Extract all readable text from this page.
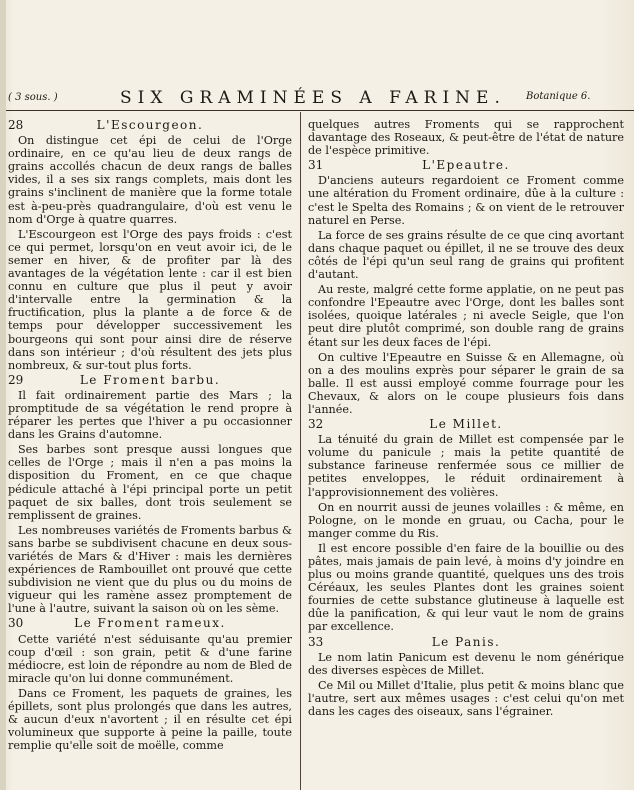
( 3 sous. )	SIX GRAMINÉES A FARINE. Botanique 6.
28	L'Escourgeon.

On distingue cet épi de celui de l'Orge ordinaire, en ce qu'au lieu de deux rangs de grains accollés chacun de deux rangs de balles vides, il a ses six rangs complets, mais dont les grains s'inclinent de manière que la forme totale est à-peu-près quadrangulaire, d'où est venu le nom d'Orge à quatre quarres.

L'Escourgeon est l'Orge des pays froids : c'est ce qui permet, lorsqu'on en veut avoir ici, de le semer en hiver, & de profiter par là des avantages de la végétation lente : car il est bien connu en culture que plus il peut y avoir d'intervalle entre la germination & la fructification, plus la plante a de force & de temps pour développer successivement les bourgeons qui sont pour ainsi dire de réserve dans son intérieur ; d'où résultent des jets plus nombreux, & sur-tout plus forts.

29	Le Froment barbu.

Il fait ordinairement partie des Mars ; la promptitude de sa végétation le rend propre à réparer les pertes que l'hiver a pu occasionner dans les Grains d'automne.

Ses barbes sont presque aussi longues que celles de l'Orge ; mais il n'en a pas moins la disposition du Froment, en ce que chaque pédicule attaché à l'épi principal porte un petit paquet de six balles, dont trois seulement se remplissent de graines.

Les nombreuses variétés de Froments barbus & sans barbe se subdivisent chacune en deux sous-variétés de Mars & d'Hiver : mais les dernières expériences de Rambouillet ont prouvé que cette subdivision ne vient que du plus ou du moins de vigueur qui les ramène assez promptement de l'une à l'autre, suivant la saison où on les sème.

30	Le Froment rameux.

Cette variété n'est séduisante qu'au premier coup d'œil : son grain, petit & d'une farine médiocre, est loin de répondre au nom de Bled de miracle qu'on lui donne communément.

Dans ce Froment, les paquets de graines, les épillets, sont plus prolongés que dans les autres, & aucun d'eux n'avortent ; il en résulte cet épi volumineux que supporte à peine la paille, toute remplie qu'elle soit de moëlle, comme

quelques autres Froments qui se rapprochent davantage des Roseaux, & peut-être de l'état de nature de l'espèce primitive.

31	L'Epeautre.

D'anciens auteurs regardoient ce Froment comme une altération du Froment ordinaire, dûe à la culture : c'est le Spelta des Romains ; & on vient de le retrouver naturel en Perse.

La force de ses grains résulte de ce que cinq avortant dans chaque paquet ou épillet, il ne se trouve des deux côtés de l'épi qu'un seul rang de grains qui profitent d'autant.

Au reste, malgré cette forme applatie, on ne peut pas confondre l'Epeautre avec l'Orge, dont les balles sont isolées, quoique latérales ; ni avecle Seigle, que l'on peut dire plutôt comprimé, son double rang de grains étant sur les deux faces de l'épi.

On cultive l'Epeautre en Suisse & en Allemagne, où on a des moulins exprès pour séparer le grain de sa balle. Il est aussi employé comme fourrage pour les Chevaux, & alors on le coupe plusieurs fois dans l'année.

32	Le Millet.

La ténuité du grain de Millet est compensée par le volume du panicule ; mais la petite quantité de substance farineuse renfermée sous ce millier de petites enveloppes, le réduit ordinairement à l'approvisionnement des volières.

On en nourrit aussi de jeunes volailles : & même, en Pologne, on le monde en gruau, ou Cacha, pour le manger comme du Ris.

Il est encore possible d'en faire de la bouillie ou des pâtes, mais jamais de pain levé, à moins d'y joindre en plus ou moins grande quantité, quelques uns des trois Céréaux, les seules Plantes dont les graines soient fournies de cette substance glutineuse à laquelle est dûe la panification, & qui leur vaut le nom de grains par excellence.

33	Le Panis.

Le nom latin Panicum est devenu le nom générique des diverses espèces de Millet.

Ce Mil ou Millet d'Italie, plus petit & moins blanc que l'autre, sert aux mêmes usages : c'est celui qu'on met dans les cages des oiseaux, sans l'égrainer.
